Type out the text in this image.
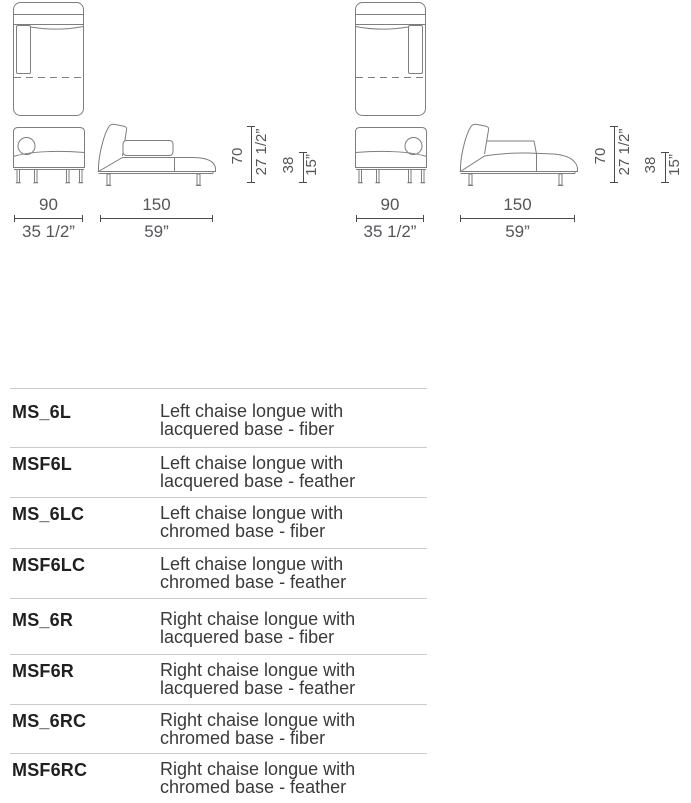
70 27 1/2” 38 15”
90
35 1/2”
150
59”
70 27 1/2” 38 15”
90
35 1/2”
150
59”
MS_6L	Left chaise longue with
lacquered base - fiber
MSF6L	Left chaise longue with
lacquered base - feather
MS_6LC	Left chaise longue with
chromed base - fiber
MSF6LC	Left chaise longue with
chromed base - feather
MS_6R	Right chaise longue with
lacquered base - fiber
MSF6R	Right chaise longue with
lacquered base - feather
MS_6RC	Right chaise longue with
chromed base - fiber
MSF6RC	Right chaise longue with
chromed base - feather
